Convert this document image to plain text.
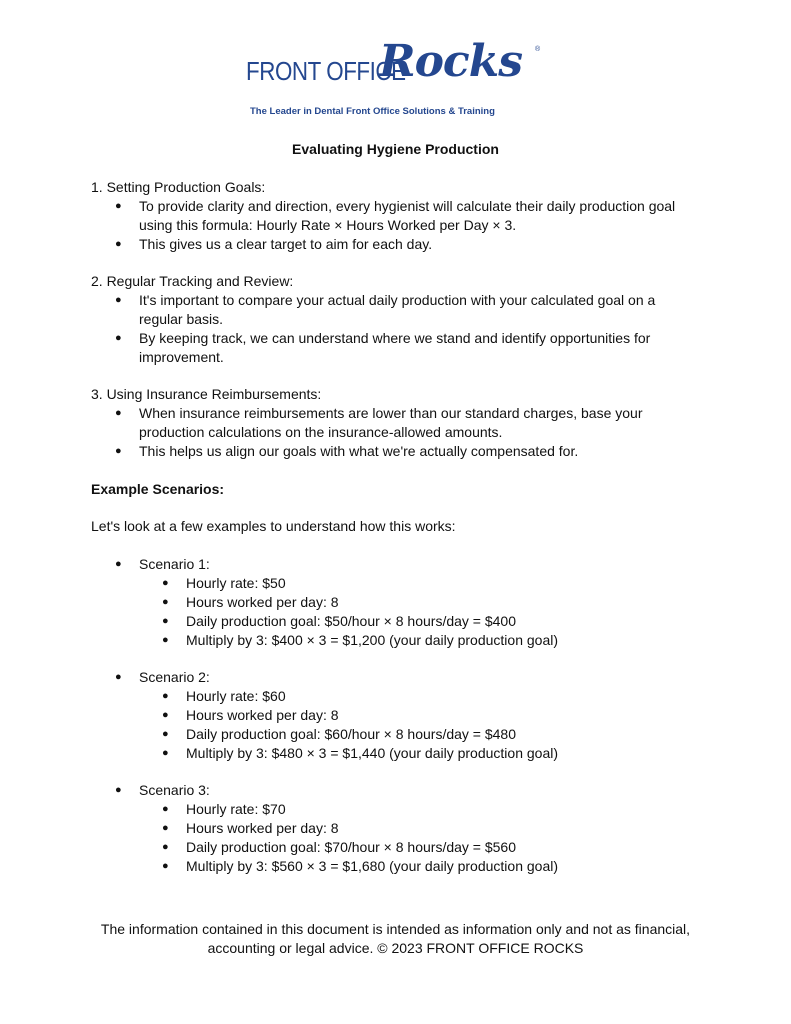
FRONT OFFICE
Rocks ®
The Leader in Dental Front Office Solutions & Training
Evaluating Hygiene Production
1. Setting Production Goals:
● To provide clarity and direction, every hygienist will calculate their daily production goal using this formula: Hourly Rate × Hours Worked per Day × 3.
● This gives us a clear target to aim for each day.
2. Regular Tracking and Review:
● It's important to compare your actual daily production with your calculated goal on a regular basis.
● By keeping track, we can understand where we stand and identify opportunities for improvement.
3. Using Insurance Reimbursements:
● When insurance reimbursements are lower than our standard charges, base your production calculations on the insurance-allowed amounts.
● This helps us align our goals with what we're actually compensated for.
Example Scenarios:
Let's look at a few examples to understand how this works:
● Scenario 1:
● Hourly rate: $50
● Hours worked per day: 8
● Daily production goal: $50/hour × 8 hours/day = $400
● Multiply by 3: $400 × 3 = $1,200 (your daily production goal)
● Scenario 2:
● Hourly rate: $60
● Hours worked per day: 8
● Daily production goal: $60/hour × 8 hours/day = $480
● Multiply by 3: $480 × 3 = $1,440 (your daily production goal)
● Scenario 3:
● Hourly rate: $70
● Hours worked per day: 8
● Daily production goal: $70/hour × 8 hours/day = $560
● Multiply by 3: $560 × 3 = $1,680 (your daily production goal)
The information contained in this document is intended as information only and not as financial,
accounting or legal advice. © 2023 FRONT OFFICE ROCKS
